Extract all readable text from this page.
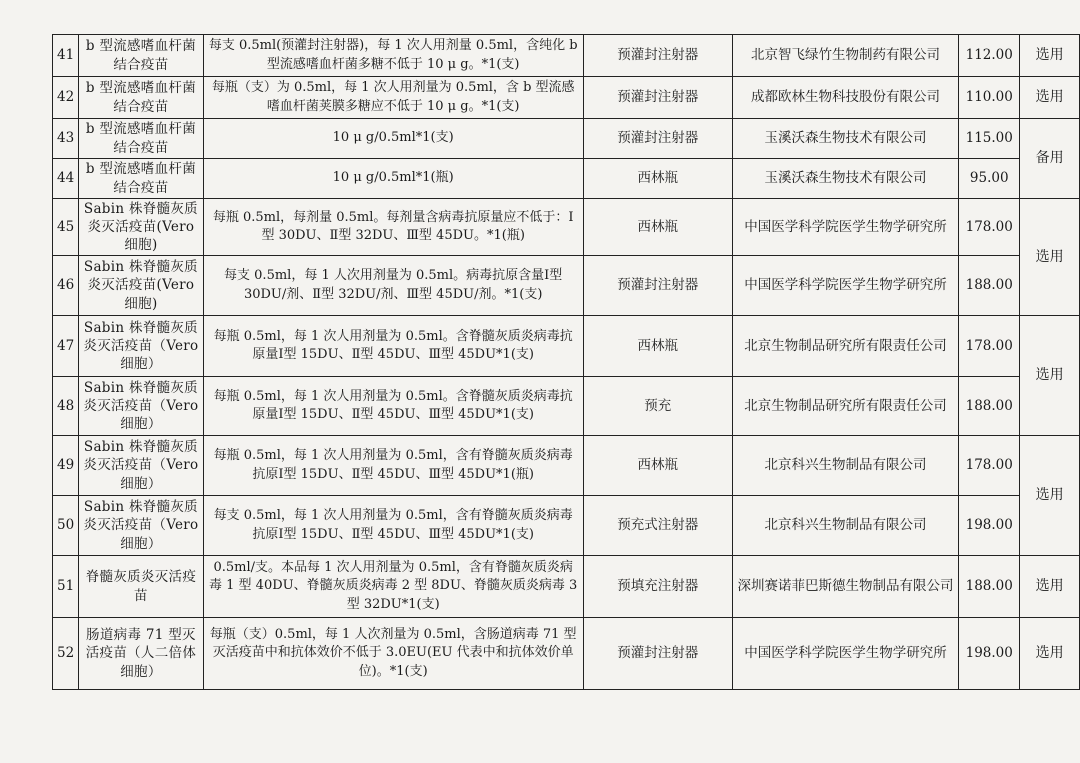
41	b 型流感嗜血杆菌结合疫苗	每支 0.5ml(预灌封注射器)，每 1 次人用剂量 0.5ml，含纯化 b 型流感嗜血杆菌多糖不低于 10 μ g。*1(支)	预灌封注射器	北京智飞绿竹生物制药有限公司	112.00	选用
42	b 型流感嗜血杆菌结合疫苗	每瓶（支）为 0.5ml，每 1 次人用剂量为 0.5ml，含 b 型流感嗜血杆菌荚膜多糖应不低于 10 μ g。*1(支)	预灌封注射器	成都欧林生物科技股份有限公司	110.00	选用
43	b 型流感嗜血杆菌结合疫苗	10 μ g/0.5ml*1(支)	预灌封注射器	玉溪沃森生物技术有限公司	115.00	备用
44	b 型流感嗜血杆菌结合疫苗	10 μ g/0.5ml*1(瓶)	西林瓶	玉溪沃森生物技术有限公司	95.00	
45	Sabin 株脊髓灰质炎灭活疫苗(Vero 细胞)	每瓶 0.5ml，每剂量 0.5ml。每剂量含病毒抗原量应不低于：Ⅰ型 30DU、Ⅱ型 32DU、Ⅲ型 45DU。*1(瓶)	西林瓶	中国医学科学院医学生物学研究所	178.00	选用
46	Sabin 株脊髓灰质炎灭活疫苗(Vero 细胞)	每支 0.5ml，每 1 人次用剂量为 0.5ml。病毒抗原含量Ⅰ型 30DU/剂、Ⅱ型 32DU/剂、Ⅲ型 45DU/剂。*1(支)	预灌封注射器	中国医学科学院医学生物学研究所	188.00	
47	Sabin 株脊髓灰质炎灭活疫苗（Vero 细胞）	每瓶 0.5ml，每 1 次人用剂量为 0.5ml。含脊髓灰质炎病毒抗原量Ⅰ型 15DU、Ⅱ型 45DU、Ⅲ型 45DU*1(支)	西林瓶	北京生物制品研究所有限责任公司	178.00	选用
48	Sabin 株脊髓灰质炎灭活疫苗（Vero 细胞）	每瓶 0.5ml，每 1 次人用剂量为 0.5ml。含脊髓灰质炎病毒抗原量Ⅰ型 15DU、Ⅱ型 45DU、Ⅲ型 45DU*1(支)	预充	北京生物制品研究所有限责任公司	188.00	
49	Sabin 株脊髓灰质炎灭活疫苗（Vero 细胞）	每瓶 0.5ml，每 1 次人用剂量为 0.5ml，含有脊髓灰质炎病毒抗原Ⅰ型 15DU、Ⅱ型 45DU、Ⅲ型 45DU*1(瓶)	西林瓶	北京科兴生物制品有限公司	178.00	选用
50	Sabin 株脊髓灰质炎灭活疫苗（Vero 细胞）	每支 0.5ml，每 1 次人用剂量为 0.5ml，含有脊髓灰质炎病毒抗原Ⅰ型 15DU、Ⅱ型 45DU、Ⅲ型 45DU*1(支)	预充式注射器	北京科兴生物制品有限公司	198.00	
51	脊髓灰质炎灭活疫苗	0.5ml/支。本品每 1 次人用剂量为 0.5ml，含有脊髓灰质炎病毒 1 型 40DU、脊髓灰质炎病毒 2 型 8DU、脊髓灰质炎病毒 3 型 32DU*1(支)	预填充注射器	深圳赛诺菲巴斯德生物制品有限公司	188.00	选用
52	肠道病毒 71 型灭活疫苗（人二倍体细胞）	每瓶（支）0.5ml，每 1 人次剂量为 0.5ml，含肠道病毒 71 型灭活疫苗中和抗体效价不低于 3.0EU(EU 代表中和抗体效价单位)。*1(支)	预灌封注射器	中国医学科学院医学生物学研究所	198.00	选用
